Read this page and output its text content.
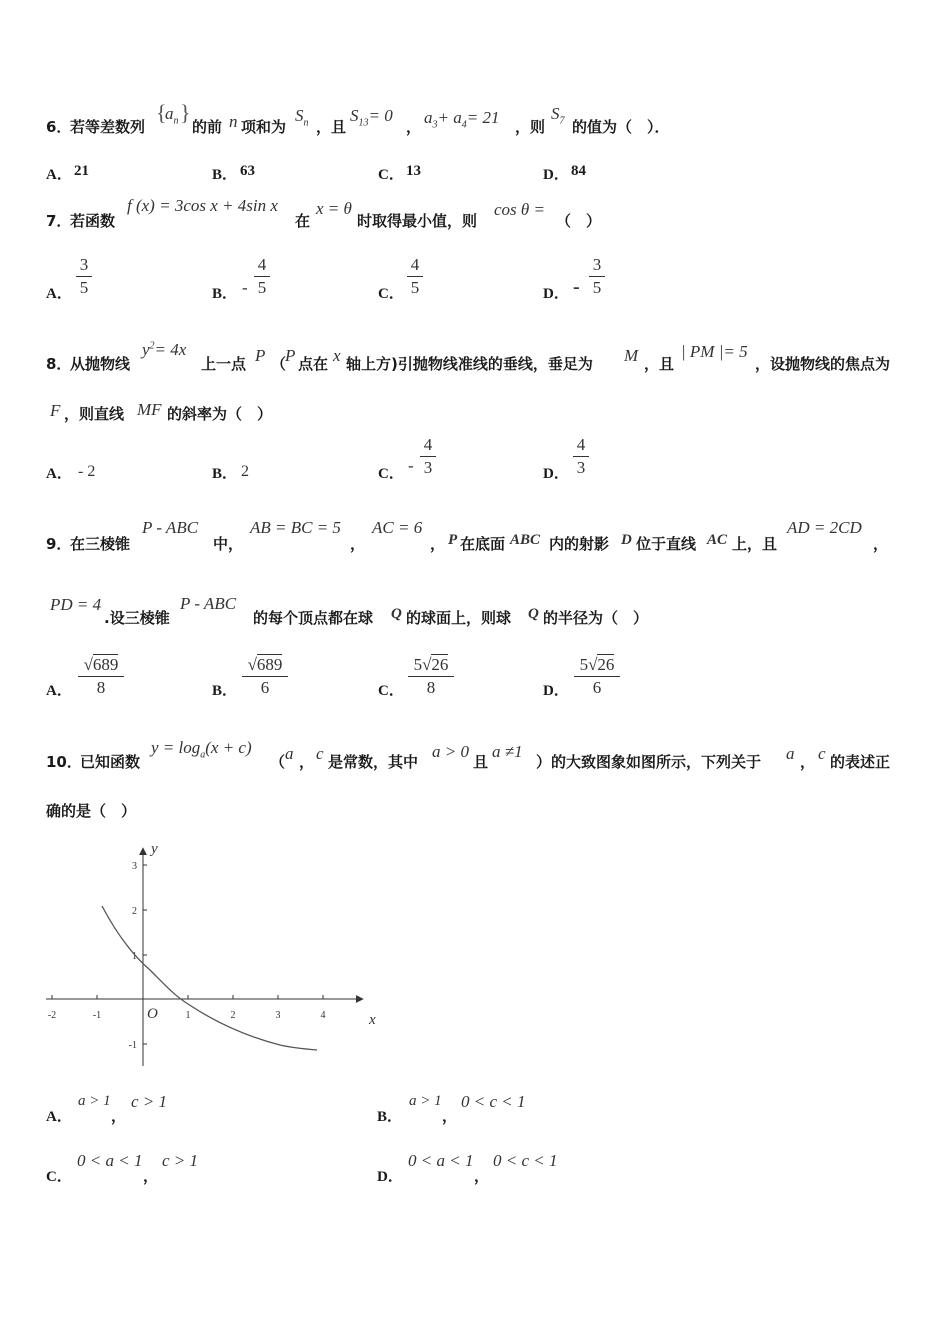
6．
若等差数列
{
$a_n$ }
的前 n 项和为
$S_n$ ，且
$S_{13}= 0$
， $a_3+ a_4= 21$ ，则
$S_7$ 的值为（　）．
A． 21	B． 63	C． 13	D． 84
7．
若函数
f (x) = 3cos x + 4sin x
在
x = θ
时取得最小值，则
cos θ =
（　）
A．
3
5	B． -
4
5	C．
4
5	D． -
3
5
8．
从抛物线
$y^2= 4x$
上一点 P （
P 点在 x 轴上方)引抛物线准线的垂线，垂足为 M ，且
| PM |= 5
，设抛物线的焦点为
F ，则直线 MF 的斜率为（　）
A． - 2	B． 2	C． -
4
3	D．
4
3
9．
在三棱锥
P - ABC
中，
AB = BC = 5
，
AC = 6
， P 在底面 ABC 内的射影 D 位于直线 AC 上，且
AD = 2CD
，
PD = 4
.设三棱锥
P - ABC
的每个顶点都在球 Q 的球面上，则球 Q 的半径为（　）
A．
√689
8	B．
√689
6	C．
5√26
8	D．
5√26
6
10．
已知函数
$y = \log_a(x + c)$
（ a ， c 是常数，其中
a > 0
且
a ≠1
）的大致图象如图所示，下列关于 a ， c 的表述正
确的是（　）
-2	-1	1	2	3	4
3
2
1
-1
y
x
O
A．
a > 1
，
c > 1
B．
a > 1
，
0 < c < 1
C．
0 < a < 1
，
c > 1
D．
0 < a < 1
，
0 < c < 1
